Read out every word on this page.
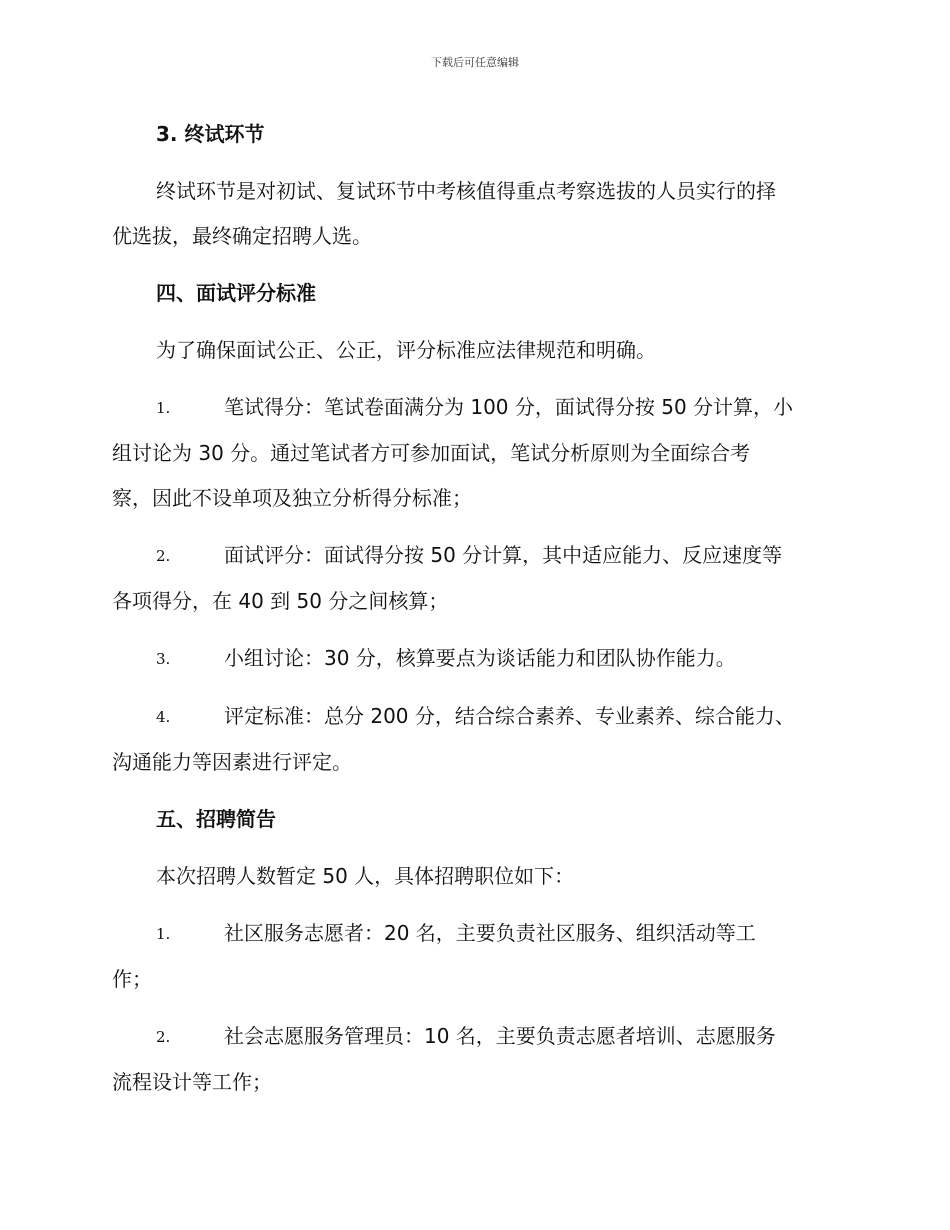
下载后可任意编辑
3. 终试环节
终试环节是对初试、复试环节中考核值得重点考察选拔的人员实行的择
优选拔，最终确定招聘人选。
四、面试评分标准
为了确保面试公正、公正，评分标准应法律规范和明确。
1.	笔试得分：笔试卷面满分为 100 分，面试得分按 50 分计算，小
组讨论为 30 分。通过笔试者方可参加面试，笔试分析原则为全面综合考
察，因此不设单项及独立分析得分标准；
2.	面试评分：面试得分按 50 分计算，其中适应能力、反应速度等
各项得分，在 40 到 50 分之间核算；
3.	小组讨论：30 分，核算要点为谈话能力和团队协作能力。
4.	评定标准：总分 200 分，结合综合素养、专业素养、综合能力、
沟通能力等因素进行评定。
五、招聘简告
本次招聘人数暂定 50 人，具体招聘职位如下：
1.	社区服务志愿者：20 名，主要负责社区服务、组织活动等工
作；
2.	社会志愿服务管理员：10 名，主要负责志愿者培训、志愿服务
流程设计等工作；
